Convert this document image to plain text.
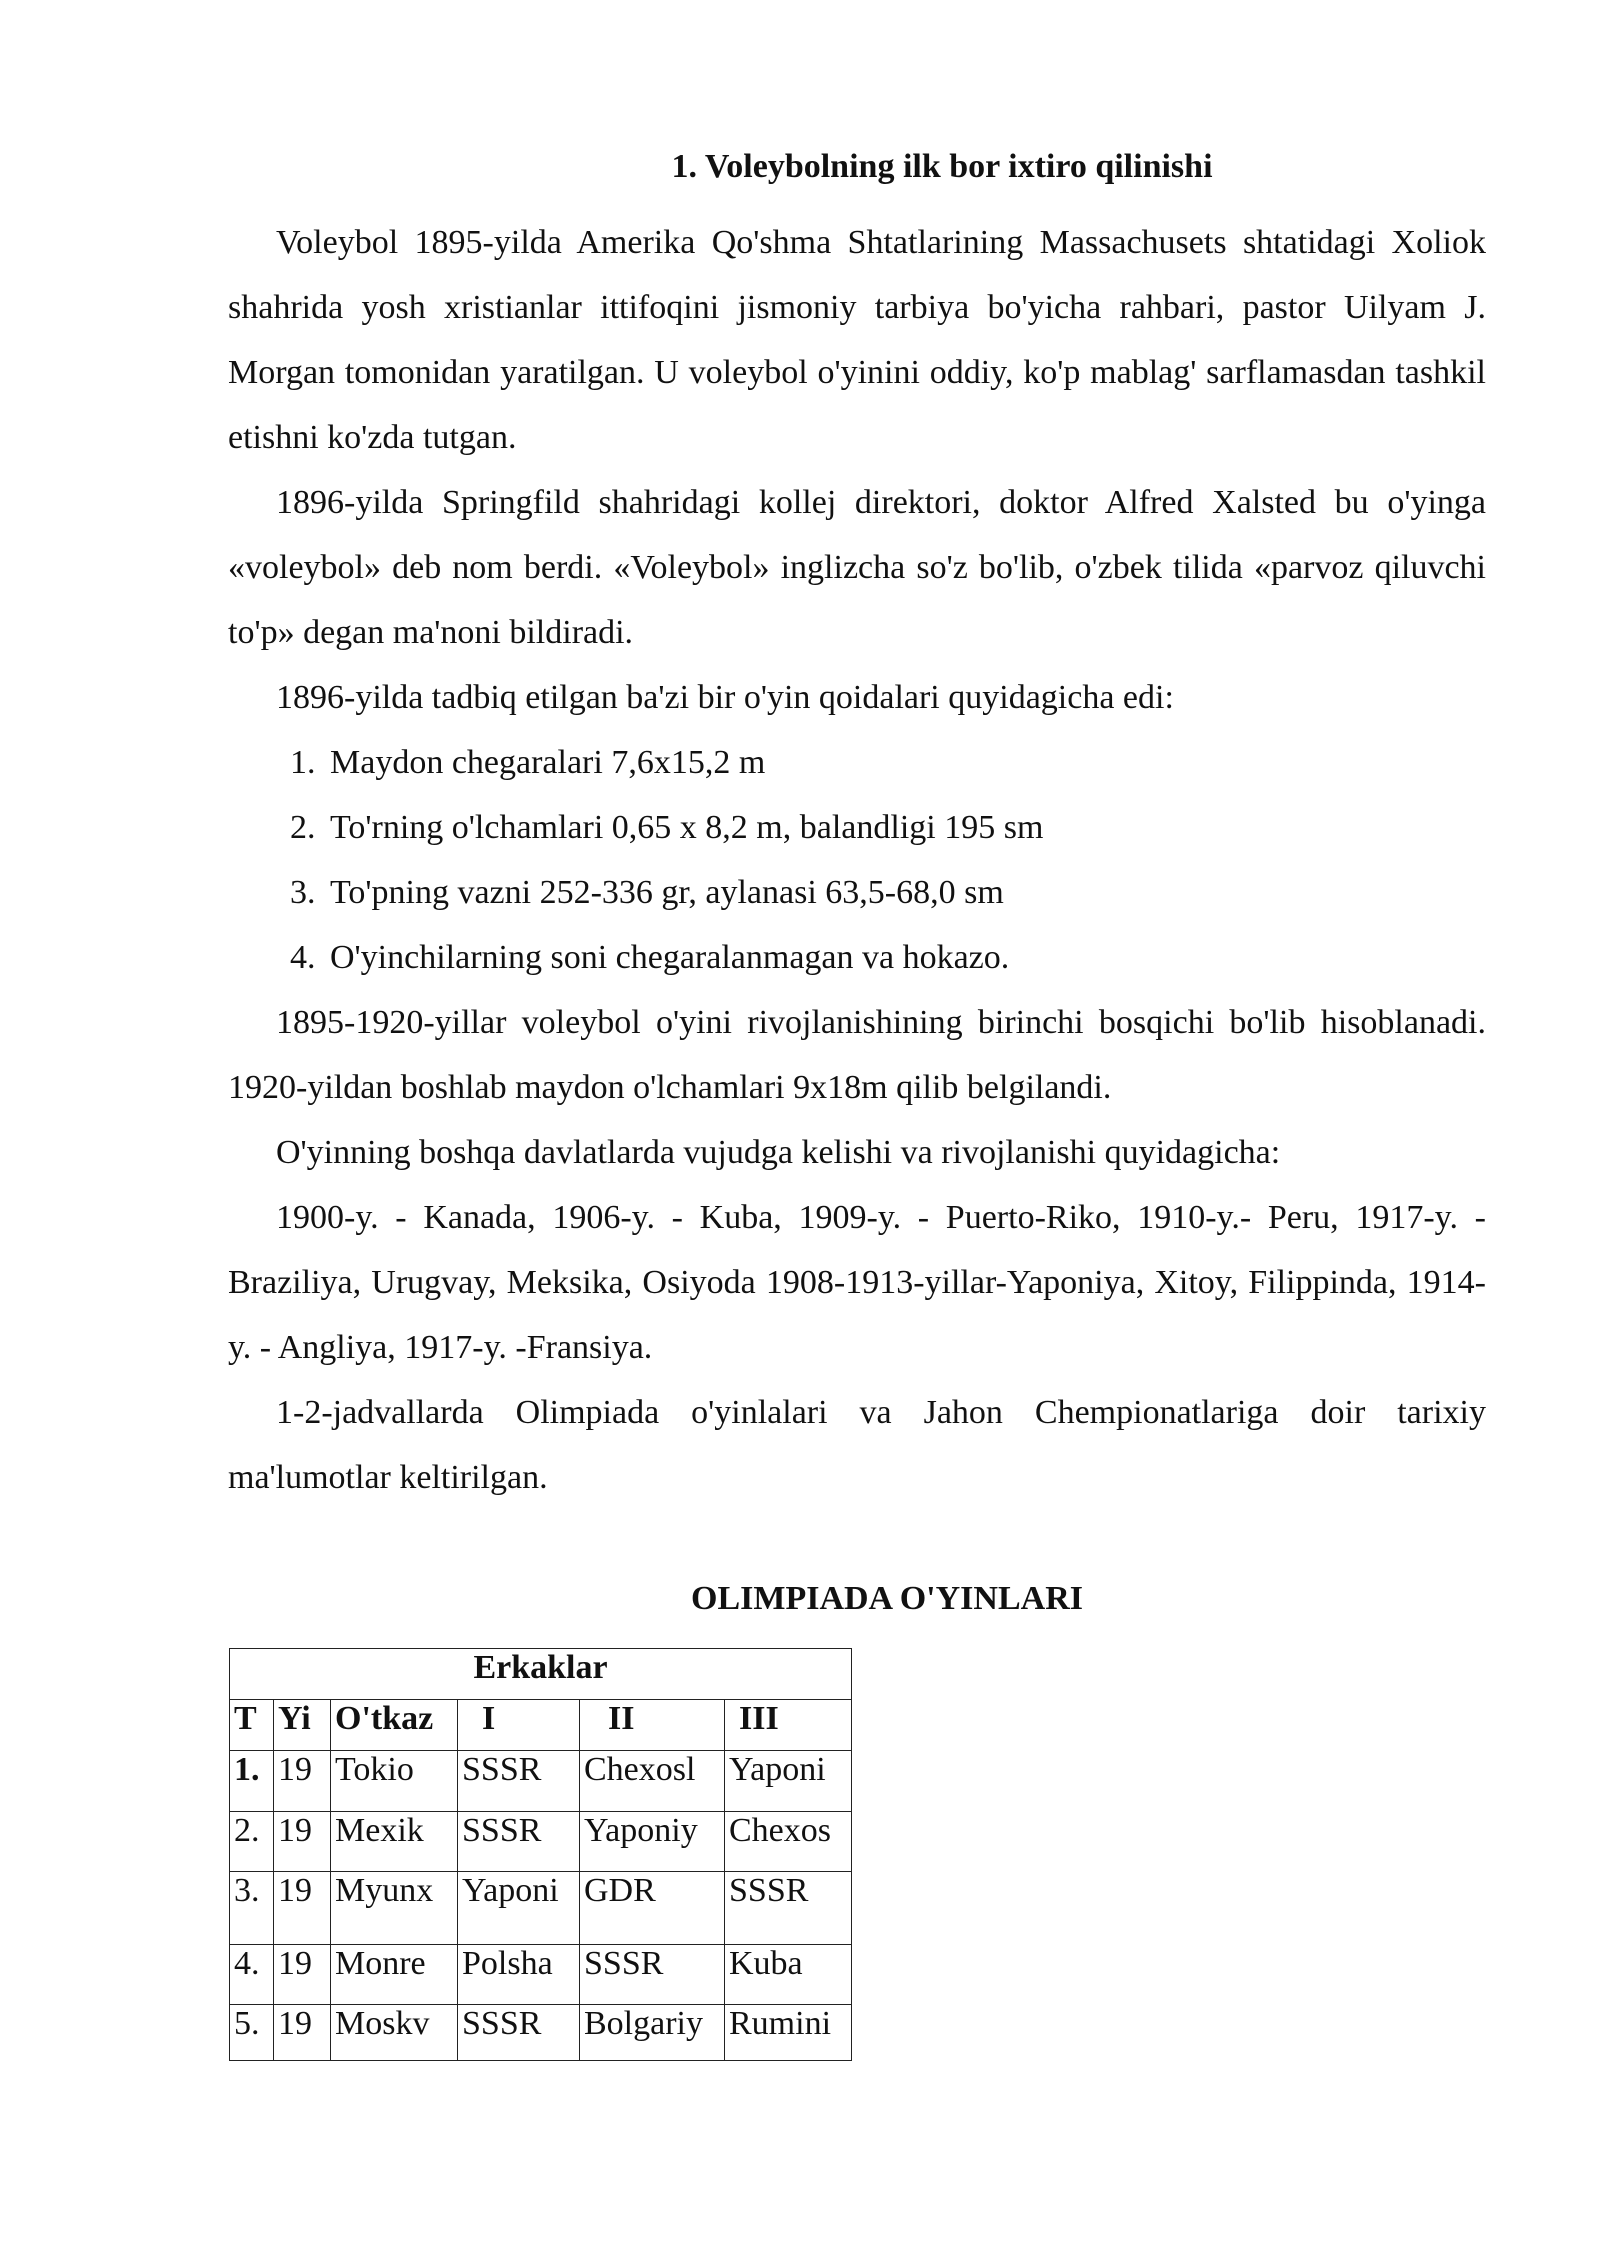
1. Voleybolning ilk bor ixtiro qilinishi

Voleybol 1895-yilda Amerika Qo'shma Shtatlarining Massachusets shtatidagi Xoliok shahrida yosh xristianlar ittifoqini jismoniy tarbiya bo'yicha rahbari, pastor Uilyam J. Morgan tomonidan yaratilgan. U voleybol o'yinini oddiy, ko'p mablag' sarflamasdan tashkil etishni ko'zda tutgan.

1896-yilda Springfild shahridagi kollej direktori, doktor Alfred Xalsted bu o'yinga «voleybol» deb nom berdi. «Voleybol» inglizcha so'z bo'lib, o'zbek tilida «parvoz qiluvchi to'p» degan ma'noni bildiradi.

1896-yilda tadbiq etilgan ba'zi bir o'yin qoidalari quyidagicha edi:

1. Maydon chegaralari 7,6x15,2 m
2. To'rning o'lchamlari 0,65 x 8,2 m, balandligi 195 sm
3. To'pning vazni 252-336 gr, aylanasi 63,5-68,0 sm
4. O'yinchilarning soni chegaralanmagan va hokazo.

1895-1920-yillar voleybol o'yini rivojlanishining birinchi bosqichi bo'lib hisoblanadi. 1920-yildan boshlab maydon o'lchamlari 9x18m qilib belgilandi.

O'yinning boshqa davlatlarda vujudga kelishi va rivojlanishi quyidagicha:

1900-y. - Kanada, 1906-y. - Kuba, 1909-y. - Puerto-Riko, 1910-y.- Peru, 1917-y. - Braziliya, Urugvay, Meksika, Osiyoda 1908-1913-yillar-Yaponiya, Xitoy, Filippinda, 1914-y. - Angliya, 1917-y. -Fransiya.

1-2-jadvallarda Olimpiada o'yinlalari va Jahon Chempionatlariga doir tarixiy ma'lumotlar keltirilgan.

OLIMPIADA O'YINLARI
Erkaklar					
T	Yi	O'tkaz	I	II	III
1.	19	Tokio	SSSR	Chexosl	Yaponi
2.	19	Mexik	SSSR	Yaponiy	Chexos
3.	19	Myunx	Yaponi	GDR	SSSR
4.	19	Monre	Polsha	SSSR	Kuba
5.	19	Moskv	SSSR	Bolgariy	Rumini
